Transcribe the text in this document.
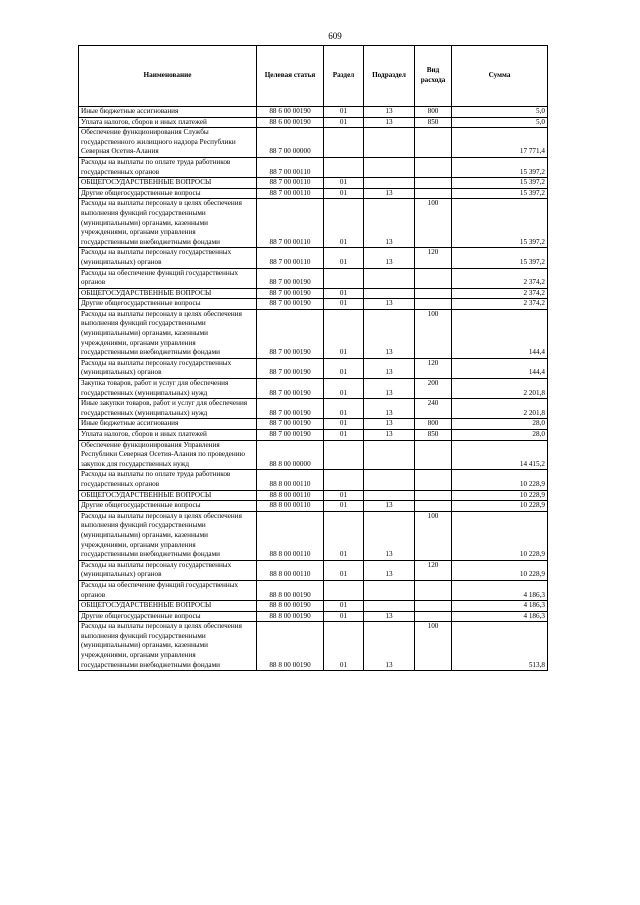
609
Наименование	Целевая статья	Раздел	Подраздел	Вид расхода	Сумма
Иные бюджетные ассигнования	88 6 00 00190	01	13	800	5,0
Уплата налогов, сборов и иных платежей	88 6 00 00190	01	13	850	5,0
Обеспечение функционирования Службы государственного жилищного надзора Республики Северная Осетия-Алания	88 7 00 00000				17 771,4
Расходы на выплаты по оплате труда работников государственных органов	88 7 00 00110				15 397,2
ОБЩЕГОСУДАРСТВЕННЫЕ ВОПРОСЫ	88 7 00 00110	01			15 397,2
Другие общегосударственные вопросы	88 7 00 00110	01	13		15 397,2
Расходы на выплаты персоналу в целях обеспечения выполнения функций государственными (муниципальными) органами, казенными учреждениями, органами управления государственными внебюджетными фондами	88 7 00 00110	01	13	100	15 397,2
Расходы на выплаты персоналу государственных (муниципальных) органов	88 7 00 00110	01	13	120	15 397,2
Расходы на обеспечение функций государственных органов	88 7 00 00190				2 374,2
ОБЩЕГОСУДАРСТВЕННЫЕ ВОПРОСЫ	88 7 00 00190	01			2 374,2
Другие общегосударственные вопросы	88 7 00 00190	01	13		2 374,2
Расходы на выплаты персоналу в целях обеспечения выполнения функций государственными (муниципальными) органами, казенными учреждениями, органами управления государственными внебюджетными фондами	88 7 00 00190	01	13	100	144,4
Расходы на выплаты персоналу государственных (муниципальных) органов	88 7 00 00190	01	13	120	144,4
Закупка товаров, работ и услуг для обеспечения государственных (муниципальных) нужд	88 7 00 00190	01	13	200	2 201,8
Иные закупки товаров, работ и услуг для обеспечения государственных (муниципальных) нужд	88 7 00 00190	01	13	240	2 201,8
Иные бюджетные ассигнования	88 7 00 00190	01	13	800	28,0
Уплата налогов, сборов и иных платежей	88 7 00 00190	01	13	850	28,0
Обеспечение функционирования Управления Республики Северная Осетия-Алания по проведению закупок для государственных нужд	88 8 00 00000				14 415,2
Расходы на выплаты по оплате труда работников государственных органов	88 8 00 00110				10 228,9
ОБЩЕГОСУДАРСТВЕННЫЕ ВОПРОСЫ	88 8 00 00110	01			10 228,9
Другие общегосударственные вопросы	88 8 00 00110	01	13		10 228,9
Расходы на выплаты персоналу в целях обеспечения выполнения функций государственными (муниципальными) органами, казенными учреждениями, органами управления государственными внебюджетными фондами	88 8 00 00110	01	13	100	10 228,9
Расходы на выплаты персоналу государственных (муниципальных) органов	88 8 00 00110	01	13	120	10 228,9
Расходы на обеспечение функций государственных органов	88 8 00 00190				4 186,3
ОБЩЕГОСУДАРСТВЕННЫЕ ВОПРОСЫ	88 8 00 00190	01			4 186,3
Другие общегосударственные вопросы	88 8 00 00190	01	13		4 186,3
Расходы на выплаты персоналу в целях обеспечения выполнения функций государственными (муниципальными) органами, казенными учреждениями, органами управления государственными внебюджетными фондами	88 8 00 00190	01	13	100	513,8
